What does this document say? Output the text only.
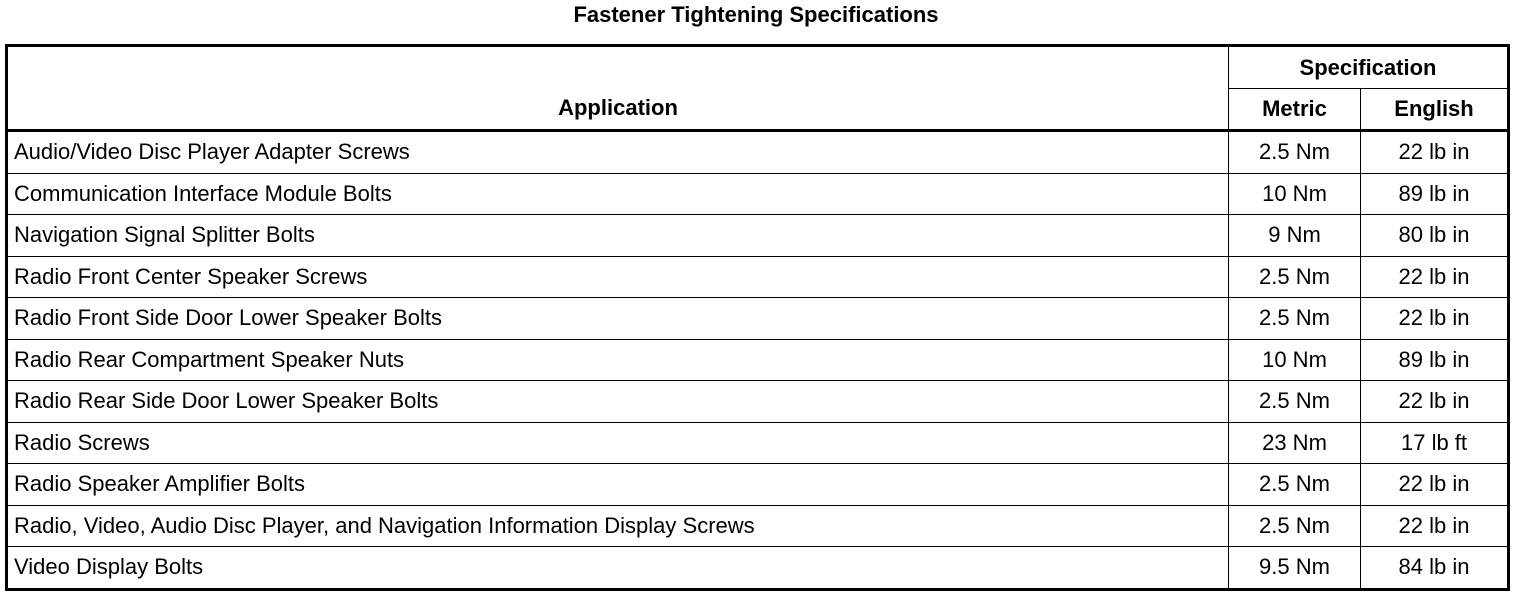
Fastener Tightening Specifications
Application	Specification	
	Metric	English
Audio/Video Disc Player Adapter Screws	2.5 Nm	22 lb in
Communication Interface Module Bolts	10 Nm	89 lb in
Navigation Signal Splitter Bolts	9 Nm	80 lb in
Radio Front Center Speaker Screws	2.5 Nm	22 lb in
Radio Front Side Door Lower Speaker Bolts	2.5 Nm	22 lb in
Radio Rear Compartment Speaker Nuts	10 Nm	89 lb in
Radio Rear Side Door Lower Speaker Bolts	2.5 Nm	22 lb in
Radio Screws	23 Nm	17 lb ft
Radio Speaker Amplifier Bolts	2.5 Nm	22 lb in
Radio, Video, Audio Disc Player, and Navigation Information Display Screws	2.5 Nm	22 lb in
Video Display Bolts	9.5 Nm	84 lb in
